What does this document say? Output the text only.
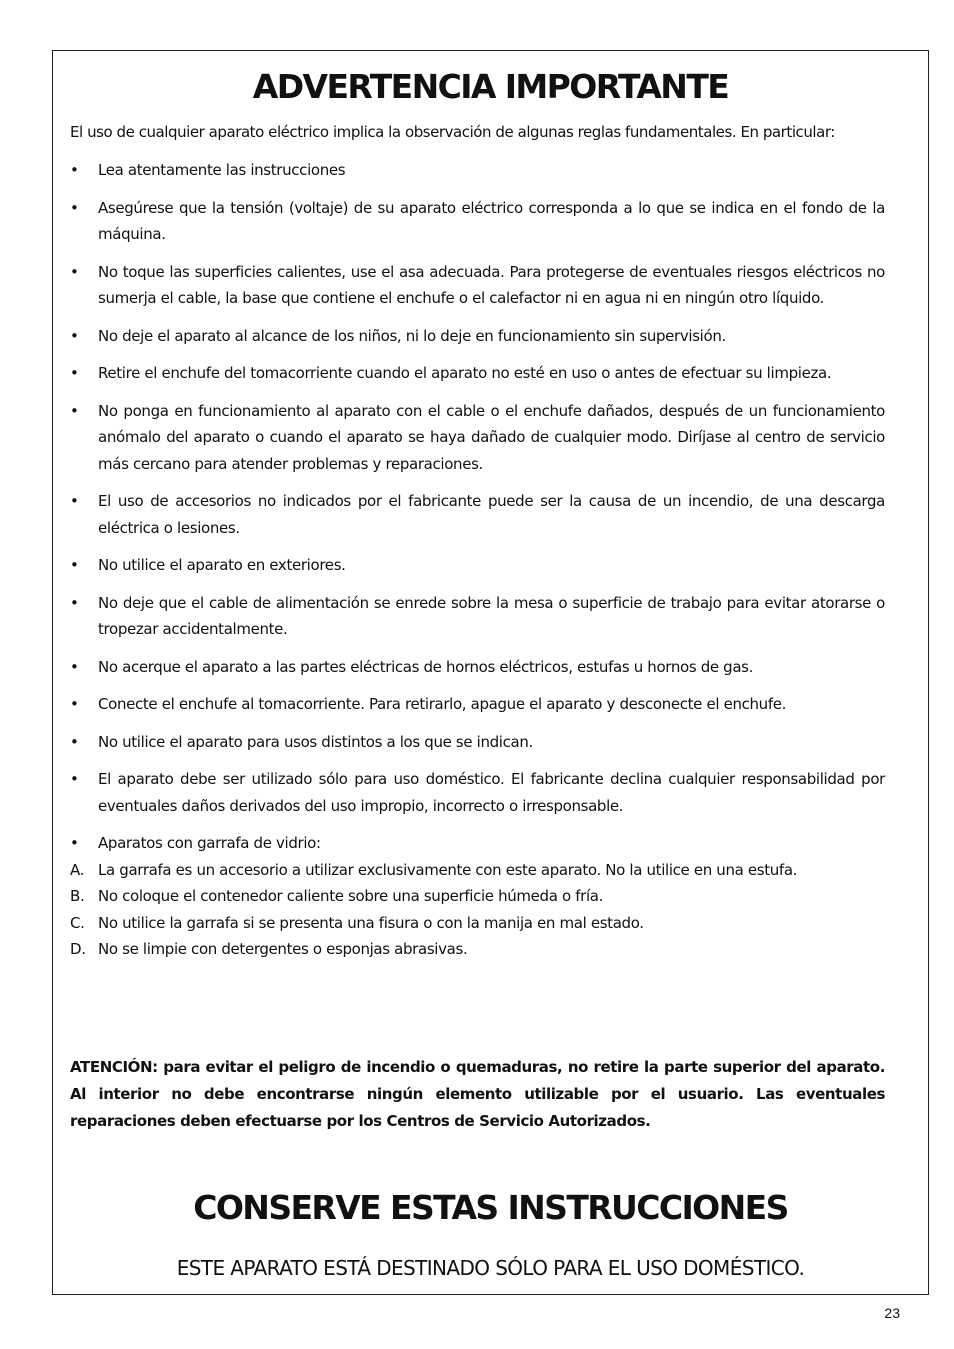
ADVERTENCIA IMPORTANTE

El uso de cualquier aparato eléctrico implica la observación de algunas reglas fundamentales. En particular:

•	Lea atentamente las instrucciones
•	Asegúrese que la tensión (voltaje) de su aparato eléctrico corresponda a lo que se indica en el fondo de la máquina.
•	No toque las superficies calientes, use el asa adecuada. Para protegerse de eventuales riesgos eléctricos no sumerja el cable, la base que contiene el enchufe o el calefactor ni en agua ni en ningún otro líquido.
•	No deje el aparato al alcance de los niños, ni lo deje en funcionamiento sin supervisión.
•	Retire el enchufe del tomacorriente cuando el aparato no esté en uso o antes de efectuar su limpieza.
•	No ponga en funcionamiento al aparato con el cable o el enchufe dañados, después de un funcionamiento anómalo del aparato o cuando el aparato se haya dañado de cualquier modo. Diríjase al centro de servicio más cercano para atender problemas y reparaciones.
•	El uso de accesorios no indicados por el fabricante puede ser la causa de un incendio, de una descarga eléctrica o lesiones.
•	No utilice el aparato en exteriores.
•	No deje que el cable de alimentación se enrede sobre la mesa o superficie de trabajo para evitar atorarse o tropezar accidentalmente.
•	No acerque el aparato a las partes eléctricas de hornos eléctricos, estufas u hornos de gas.
•	Conecte el enchufe al tomacorriente. Para retirarlo, apague el aparato y desconecte el enchufe.
•	No utilice el aparato para usos distintos a los que se indican.
•	El aparato debe ser utilizado sólo para uso doméstico. El fabricante declina cualquier responsabilidad por eventuales daños derivados del uso impropio, incorrecto o irresponsable.
•	Aparatos con garrafa de vidrio:
A. La garrafa es un accesorio a utilizar exclusivamente con este aparato. No la utilice en una estufa.
B. No coloque el contenedor caliente sobre una superficie húmeda o fría.
C. No utilice la garrafa si se presenta una fisura o con la manija en mal estado.
D. No se limpie con detergentes o esponjas abrasivas.

ATENCIÓN: para evitar el peligro de incendio o quemaduras, no retire la parte superior del aparato. Al interior no debe encontrarse ningún elemento utilizable por el usuario. Las eventuales reparaciones deben efectuarse por los Centros de Servicio Autorizados.

CONSERVE ESTAS INSTRUCCIONES

ESTE APARATO ESTÁ DESTINADO SÓLO PARA EL USO DOMÉSTICO.

23
